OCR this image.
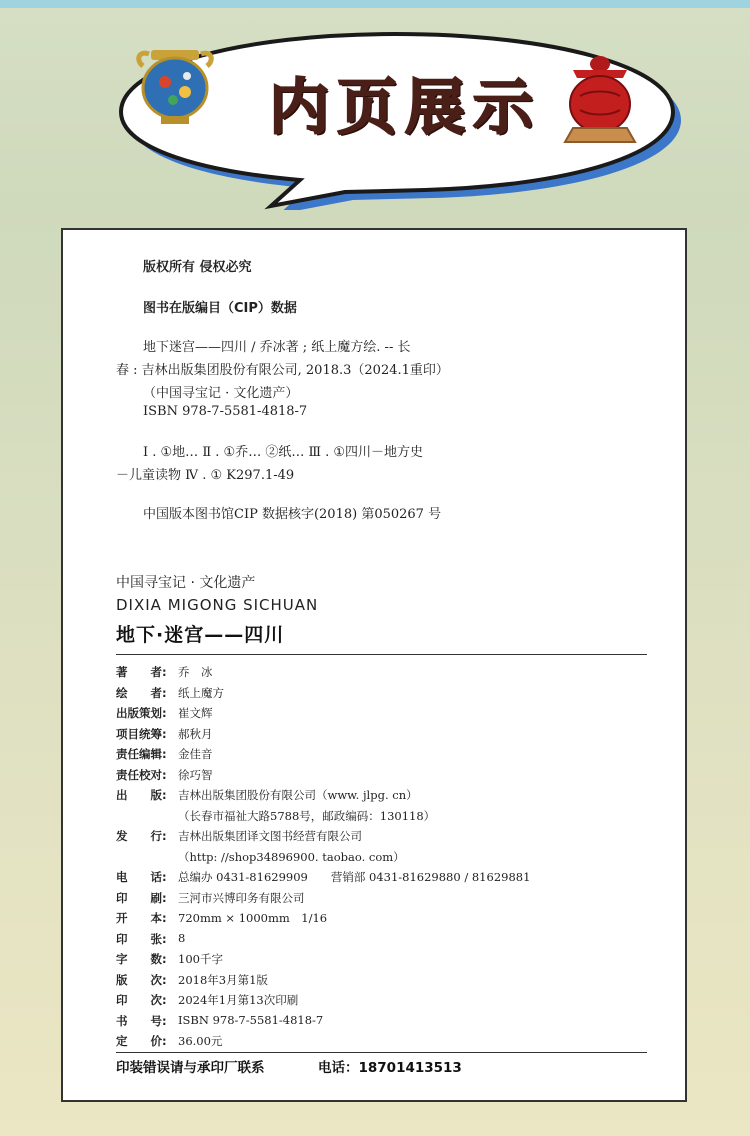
内页展示
版权所有 侵权必究
图书在版编目（CIP）数据
地下迷宫——四川 / 乔冰著 ; 纸上魔方绘. -- 长
春 : 吉林出版集团股份有限公司, 2018.3（2024.1重印）
（中国寻宝记 · 文化遗产）
ISBN 978-7-5581-4818-7
Ⅰ . ①地… Ⅱ . ①乔… ②纸… Ⅲ . ①四川－地方史
－儿童读物 Ⅳ . ① K297.1-49
中国版本图书馆CIP 数据核字(2018) 第050267 号
中国寻宝记 · 文化遗产
DIXIA MIGONG SICHUAN
地下·迷宫——四川
著　　者: 乔　冰
绘　　者: 纸上魔方
出版策划: 崔文辉
项目统筹: 郝秋月
责任编辑: 金佳音
责任校对: 徐巧智
出　　版: 吉林出版集团股份有限公司（www. jlpg. cn）
（长春市福祉大路5788号，邮政编码：130118）
发　　行: 吉林出版集团译文图书经营有限公司
（http: //shop34896900. taobao. com）
电　　话: 总编办 0431-81629909　　营销部 0431-81629880 / 81629881
印　　刷: 三河市兴博印务有限公司
开　　本: 720mm × 1000mm　1/16
印　　张: 8
字　　数: 100千字
版　　次: 2018年3月第1版
印　　次: 2024年1月第13次印刷
书　　号: ISBN 978-7-5581-4818-7
定　　价: 36.00元
印装错误请与承印厂联系	电话：18701413513
